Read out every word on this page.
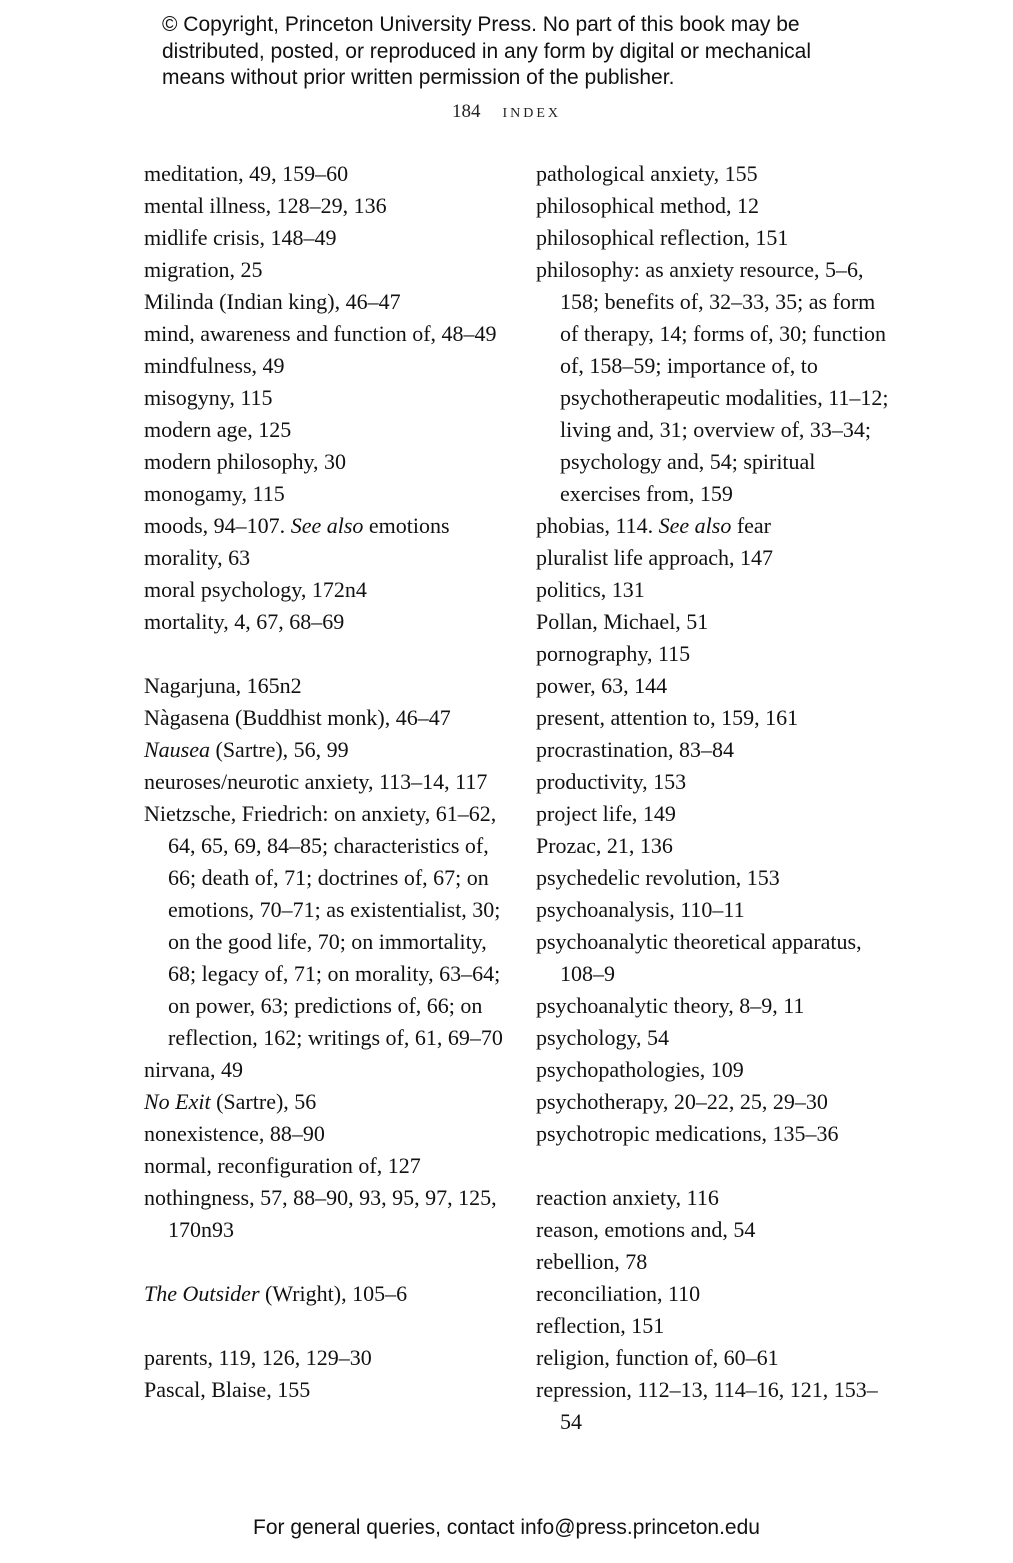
© Copyright, Princeton University Press. No part of this book may be
distributed, posted, or reproduced in any form by digital or mechanical
means without prior written permission of the publisher.
184 index

meditation, 49, 159–60

mental illness, 128–29, 136

midlife crisis, 148–49

migration, 25

Milinda (Indian king), 46–47

mind, awareness and function of, 48–49

mindfulness, 49

misogyny, 115

modern age, 125

modern philosophy, 30

monogamy, 115

moods, 94–107. See also emotions

morality, 63

moral psychology, 172n4

mortality, 4, 67, 68–69

Nagarjuna, 165n2

Nàgasena (Buddhist monk), 46–47

Nausea (Sartre), 56, 99

neuroses/neurotic anxiety, 113–14, 117

Nietzsche, Friedrich: on anxiety, 61–62, 64, 65, 69, 84–85; characteristics of, 66; death of, 71; doctrines of, 67; on emotions, 70–71; as existentialist, 30; on the good life, 70; on immortality, 68; legacy of, 71; on morality, 63–64; on power, 63; predictions of, 66; on reflection, 162; writings of, 61, 69–70

nirvana, 49

No Exit (Sartre), 56

nonexistence, 88–90

normal, reconfiguration of, 127

nothingness, 57, 88–90, 93, 95, 97, 125, 170n93

The Outsider (Wright), 105–6

parents, 119, 126, 129–30

Pascal, Blaise, 155

pathological anxiety, 155

philosophical method, 12

philosophical reflection, 151

philosophy: as anxiety resource, 5–6, 158; benefits of, 32–33, 35; as form of therapy, 14; forms of, 30; function of, 158–59; importance of, to psychotherapeutic modalities, 11–12; living and, 31; overview of, 33–34; psychology and, 54; spiritual exercises from, 159

phobias, 114. See also fear

pluralist life approach, 147

politics, 131

Pollan, Michael, 51

pornography, 115

power, 63, 144

present, attention to, 159, 161

procrastination, 83–84

productivity, 153

project life, 149

Prozac, 21, 136

psychedelic revolution, 153

psychoanalysis, 110–11

psychoanalytic theoretical apparatus, 108–9

psychoanalytic theory, 8–9, 11

psychology, 54

psychopathologies, 109

psychotherapy, 20–22, 25, 29–30

psychotropic medications, 135–36

reaction anxiety, 116

reason, emotions and, 54

rebellion, 78

reconciliation, 110

reflection, 151

religion, function of, 60–61

repression, 112–13, 114–16, 121, 153–54

For general queries, contact info@press.princeton.edu
